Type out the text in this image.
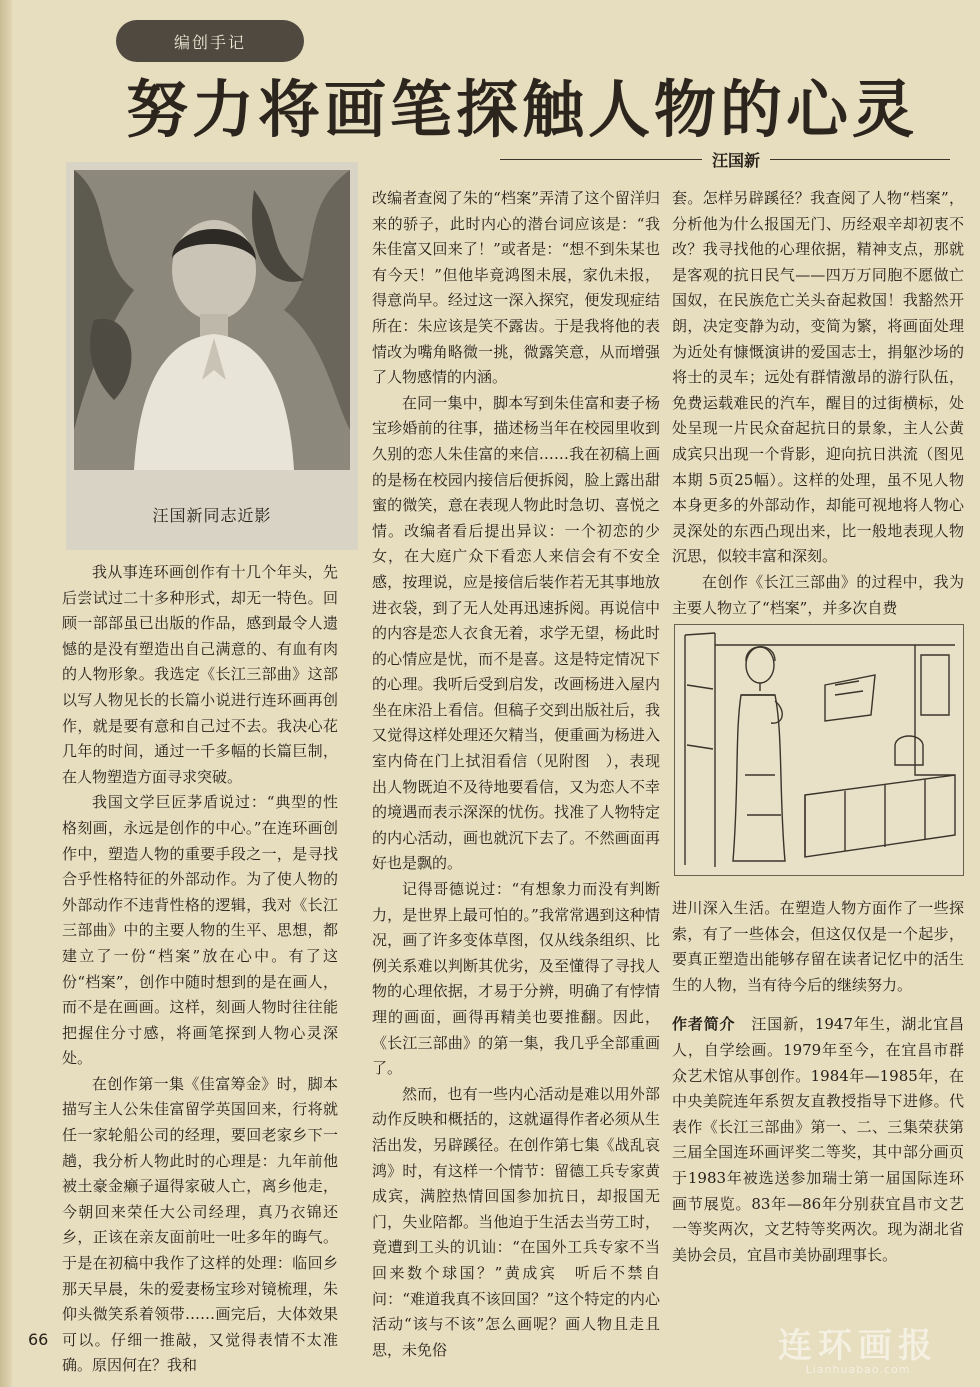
编创手记
努力将画笔探触人物的心灵
汪国新
汪国新同志近影

我从事连环画创作有十几个年头，先后尝试过二十多种形式，却无一特色。回顾一部部虽已出版的作品，感到最令人遗憾的是没有塑造出自己满意的、有血有肉的人物形象。我选定《长江三部曲》这部以写人物见长的长篇小说进行连环画再创作，就是要有意和自己过不去。我决心花几年的时间，通过一千多幅的长篇巨制，在人物塑造方面寻求突破。

我国文学巨匠茅盾说过：“典型的性格刻画，永远是创作的中心。”在连环画创作中，塑造人物的重要手段之一，是寻找合乎性格特征的外部动作。为了使人物的外部动作不违背性格的逻辑，我对《长江三部曲》中的主要人物的生平、思想，都建立了一份“档案”放在心中。有了这份“档案”，创作中随时想到的是在画人，而不是在画画。这样，刻画人物时往往能把握住分寸感，将画笔探到人物心灵深处。

在创作第一集《佳富筹金》时，脚本描写主人公朱佳富留学英国回来，行将就任一家轮船公司的经理，要回老家乡下一趟，我分析人物此时的心理是：九年前他被土豪金癞子逼得家破人亡，离乡他走，今朝回来荣任大公司经理，真乃衣锦还乡，正该在亲友面前吐一吐多年的晦气。于是在初稿中我作了这样的处理：临回乡那天早晨，朱的爱妻杨宝珍对镜梳理，朱仰头微笑系着领带……画完后，大体效果可以。仔细一推敲，又觉得表情不太准确。原因何在？我和

改编者查阅了朱的“档案”弄清了这个留洋归来的骄子，此时内心的潜台词应该是：“我朱佳富又回来了！”或者是：“想不到朱某也有今天！”但他毕竟鸿图未展，家仇未报，得意尚早。经过这一深入探究，便发现症结所在：朱应该是笑不露齿。于是我将他的表情改为嘴角略微一挑，微露笑意，从而增强了人物感情的内涵。

在同一集中，脚本写到朱佳富和妻子杨宝珍婚前的往事，描述杨当年在校园里收到久别的恋人朱佳富的来信……我在初稿上画的是杨在校园内接信后便拆阅，脸上露出甜蜜的微笑，意在表现人物此时急切、喜悦之情。改编者看后提出异议：一个初恋的少女，在大庭广众下看恋人来信会有不安全感，按理说，应是接信后装作若无其事地放进衣袋，到了无人处再迅速拆阅。再说信中的内容是恋人衣食无着，求学无望，杨此时的心情应是忧，而不是喜。这是特定情况下的心理。我听后受到启发，改画杨进入屋内坐在床沿上看信。但稿子交到出版社后，我又觉得这样处理还欠精当，便重画为杨进入室内倚在门上拭泪看信（见附图　），表现出人物既迫不及待地要看信，又为恋人不幸的境遇而表示深深的忧伤。找准了人物特定的内心活动，画也就沉下去了。不然画面再好也是飘的。

记得哥德说过：“有想象力而没有判断力，是世界上最可怕的。”我常常遇到这种情况，画了许多变体草图，仅从线条组织、比例关系难以判断其优劣，及至懂得了寻找人物的心理依据，才易于分辨，明确了有悖情理的画面，画得再精美也要推翻。因此，《长江三部曲》的第一集，我几乎全部重画了。

然而，也有一些内心活动是难以用外部动作反映和概括的，这就逼得作者必须从生活出发，另辟蹊径。在创作第七集《战乱哀鸿》时，有这样一个情节：留德工兵专家黄成宾，满腔热情回国参加抗日，却报国无门，失业陪都。当他迫于生活去当劳工时，竟遭到工头的讥讪：“在国外工兵专家不当　回来数个球国？”黄成宾　听后不禁自问：“难道我真不该回国？”这个特定的内心活动“该与不该”怎么画呢？画人物且走且思，未免俗

套。怎样另辟蹊径？我查阅了人物“档案”，分析他为什么报国无门、历经艰辛却初衷不改？我寻找他的心理依据，精神支点，那就是客观的抗日民气——四万万同胞不愿做亡国奴，在民族危亡关头奋起救国！我豁然开朗，决定变静为动，变简为繁，将画面处理为近处有慷慨演讲的爱国志士，捐躯沙场的将士的灵车；远处有群情激昂的游行队伍，免费运载难民的汽车，醒目的过街横标，处处呈现一片民众奋起抗日的景象，主人公黄成宾只出现一个背影，迎向抗日洪流（图见本期 5页25幅）。这样的处理，虽不见人物本身更多的外部动作，却能可视地将人物心灵深处的东西凸现出来，比一般地表现人物沉思，似较丰富和深刻。

在创作《长江三部曲》的过程中，我为主要人物立了“档案”，并多次自费

进川深入生活。在塑造人物方面作了一些探索，有了一些体会，但这仅仅是一个起步，要真正塑造出能够存留在读者记忆中的活生生的人物，当有待今后的继续努力。

作者简介 汪国新，1947年生，湖北宜昌人，自学绘画。1979年至今，在宜昌市群众艺术馆从事创作。1984年—1985年，在中央美院连年系贺友直教授指导下进修。代表作《长江三部曲》第一、二、三集荣获第三届全国连环画评奖二等奖，其中部分画页于1983年被选送参加瑞士第一届国际连环画节展览。83年—86年分别获宜昌市文艺一等奖两次，文艺特等奖两次。现为湖北省美协会员，宜昌市美协副理事长。

66	连环画报
Lianhuabao.com
